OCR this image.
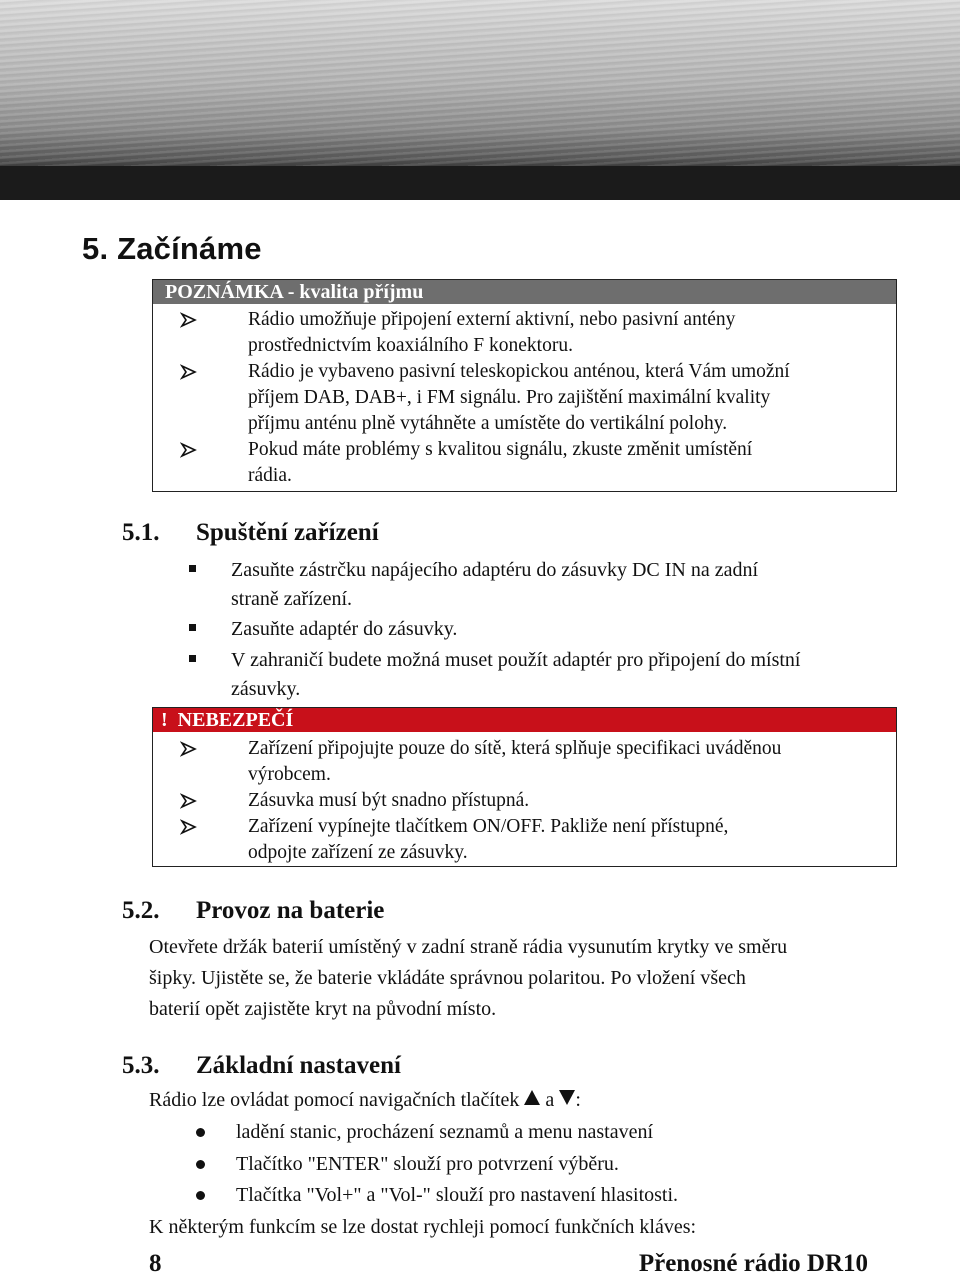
5. Začínáme
POZNÁMKA - kvalita příjmu
Rádio umožňuje připojení externí aktivní, nebo pasivní antény
prostřednictvím koaxiálního F konektoru.
Rádio je vybaveno pasivní teleskopickou anténou, která Vám umožní
příjem DAB, DAB+, i FM signálu. Pro zajištění maximální kvality
příjmu anténu plně vytáhněte a umístěte do vertikální polohy.
Pokud máte problémy s kvalitou signálu, zkuste změnit umístění
rádia.
5.1. Spuštění zařízení
Zasuňte zástrčku napájecího adaptéru do zásuvky DC IN na zadní
straně zařízení.
Zasuňte adaptér do zásuvky.
V zahraničí budete možná muset použít adaptér pro připojení do místní
zásuvky.
! NEBEZPEČÍ
Zařízení připojujte pouze do sítě, která splňuje specifikaci uváděnou
výrobcem.
Zásuvka musí být snadno přístupná.
Zařízení vypínejte tlačítkem ON/OFF. Pakliže není přístupné,
odpojte zařízení ze zásuvky.
5.2. Provoz na baterie
Otevřete držák baterií umístěný v zadní straně rádia vysunutím krytky ve směru
šipky. Ujistěte se, že baterie vkládáte správnou polaritou. Po vložení všech
baterií opět zajistěte kryt na původní místo.
5.3. Základní nastavení
Rádio lze ovládat pomocí navigačních tlačítek a :
ladění stanic, procházení seznamů a menu nastavení
Tlačítko "ENTER" slouží pro potvrzení výběru.
Tlačítka "Vol+" a "Vol-" slouží pro nastavení hlasitosti.
K některým funkcím se lze dostat rychleji pomocí funkčních kláves:
8	Přenosné rádio DR10
